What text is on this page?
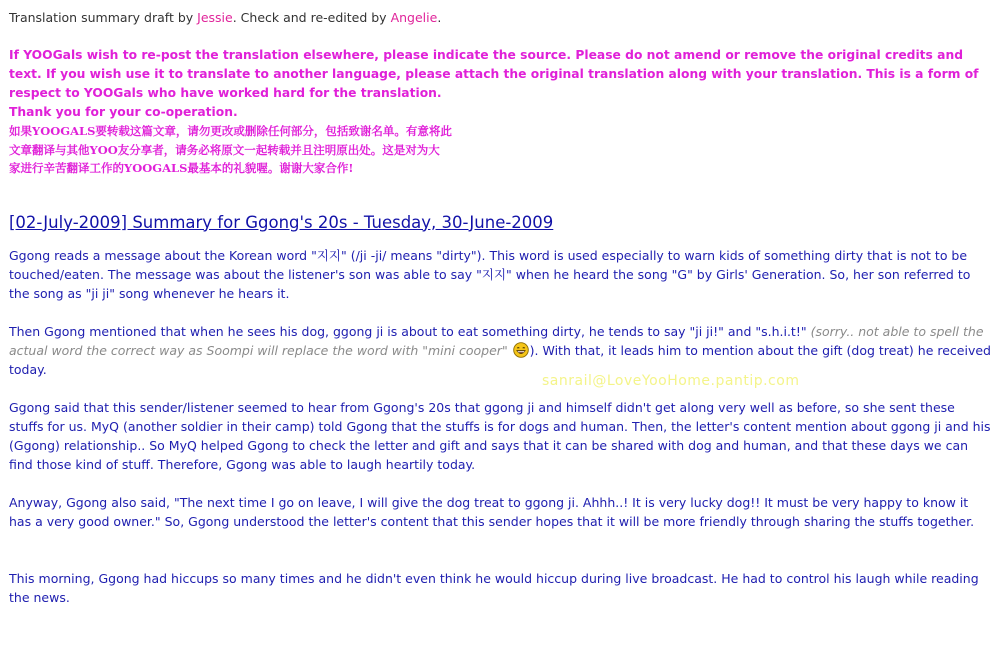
Translation summary draft by Jessie. Check and re-edited by Angelie.
If YOOGals wish to re-post the translation elsewhere, please indicate the source. Please do not amend or remove the original credits and text. If you wish use it to translate to another language, please attach the original translation along with your translation. This is a form of respect to YOOGals who have worked hard for the translation.
Thank you for your co-operation.
如果YOOGALS要转载这篇文章，请勿更改或删除任何部分，包括致谢名单。有意将此
文章翻译与其他YOO友分享者，请务必将原文一起转载并且注明原出处。这是对为大
家进行辛苦翻译工作的YOOGALS最基本的礼貌喔。谢谢大家合作!
[02-July-2009] Summary for Ggong's 20s - Tuesday, 30-June-2009

Ggong reads a message about the Korean word "지지" (/ji -ji/ means "dirty"). This word is used especially to warn kids of something dirty that is not to be touched/eaten. The message was about the listener's son was able to say "지지" when he heard the song "G" by Girls' Generation. So, her son referred to the song as "ji ji" song whenever he hears it.

Then Ggong mentioned that when he sees his dog, ggong ji is about to eat something dirty, he tends to say "ji ji!" and "s.h.i.t!" (sorry.. not able to spell the actual word the correct way as Soompi will replace the word with "mini cooper" ). With that, it leads him to mention about the gift (dog treat) he received today.

Ggong said that this sender/listener seemed to hear from Ggong's 20s that ggong ji and himself didn't get along very well as before, so she sent these stuffs for us. MyQ (another soldier in their camp) told Ggong that the stuffs is for dogs and human. Then, the letter's content mention about ggong ji and his (Ggong) relationship.. So MyQ helped Ggong to check the letter and gift and says that it can be shared with dog and human, and that these days we can find those kind of stuff. Therefore, Ggong was able to laugh heartily today.

Anyway, Ggong also said, "The next time I go on leave, I will give the dog treat to ggong ji. Ahhh..! It is very lucky dog!! It must be very happy to know it has a very good owner." So, Ggong understood the letter's content that this sender hopes that it will be more friendly through sharing the stuffs together.

This morning, Ggong had hiccups so many times and he didn't even think he would hiccup during live broadcast. He had to control his laugh while reading the news.

sanrail@LoveYooHome.pantip.com
